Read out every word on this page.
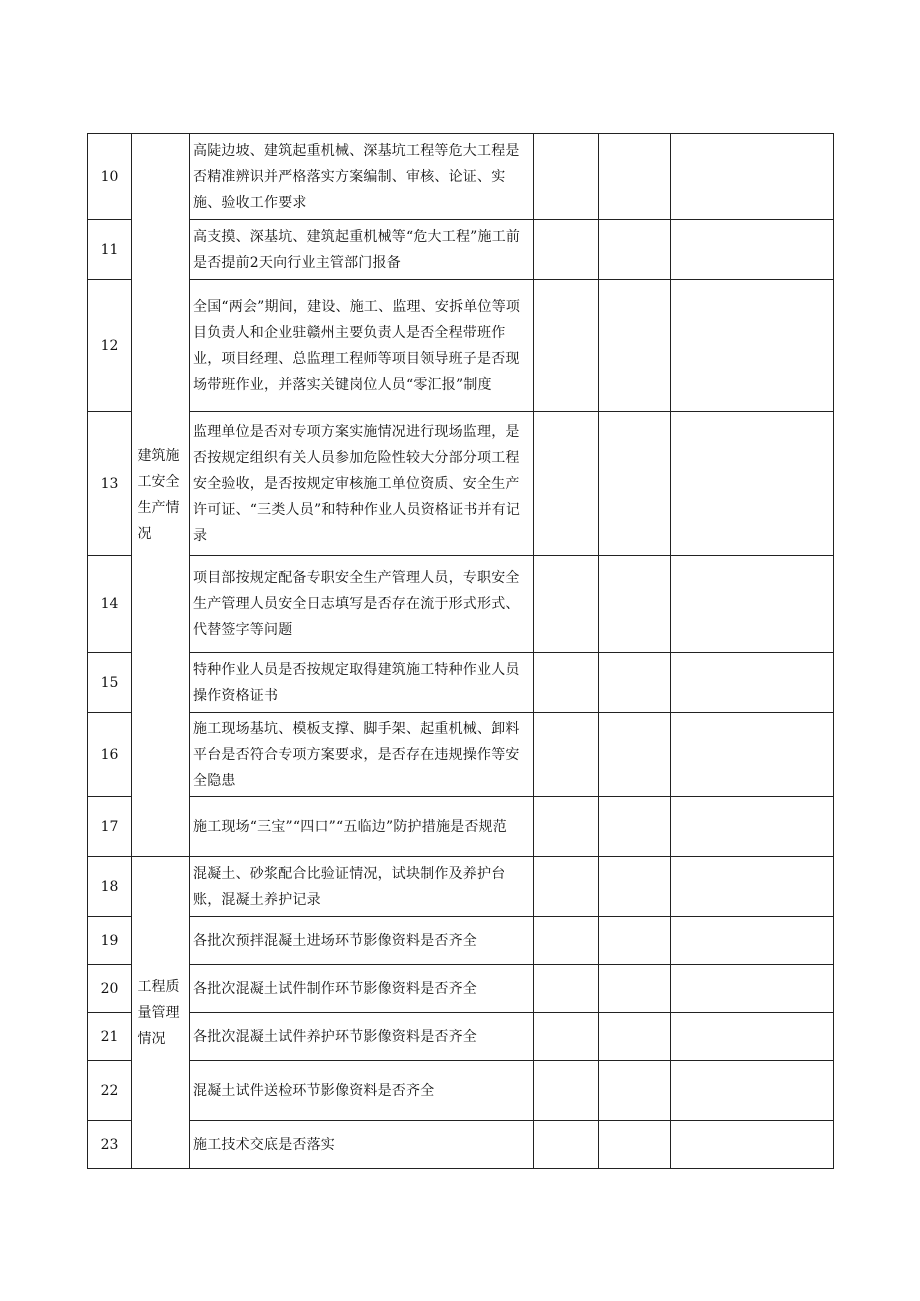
10	建筑施工安全生产情况	高陡边坡、建筑起重机械、深基坑工程等危大工程是否精准辨识并严格落实方案编制、审核、论证、实施、验收工作要求			
11		高支摸、深基坑、建筑起重机械等“危大工程”施工前是否提前2天向行业主管部门报备			
12		全国“两会”期间，建设、施工、监理、安拆单位等项目负责人和企业驻赣州主要负责人是否全程带班作业，项目经理、总监理工程师等项目领导班子是否现场带班作业，并落实关键岗位人员“零汇报”制度			
13		监理单位是否对专项方案实施情况进行现场监理，是否按规定组织有关人员参加危险性较大分部分项工程安全验收，是否按规定审核施工单位资质、安全生产许可证、“三类人员”和特种作业人员资格证书并有记录			
14		项目部按规定配备专职安全生产管理人员，专职安全生产管理人员安全日志填写是否存在流于形式形式、代替签字等问题			
15		特种作业人员是否按规定取得建筑施工特种作业人员操作资格证书			
16		施工现场基坑、模板支撑、脚手架、起重机械、卸料平台是否符合专项方案要求，是否存在违规操作等安全隐患			
17		施工现场“三宝”“四口”“五临边”防护措施是否规范			
18	工程质量管理情况	混凝土、砂浆配合比验证情况，试块制作及养护台账，混凝土养护记录			
19		各批次预拌混凝土进场环节影像资料是否齐全			
20		各批次混凝土试件制作环节影像资料是否齐全			
21		各批次混凝土试件养护环节影像资料是否齐全			
22		混凝土试件送检环节影像资料是否齐全			
23		施工技术交底是否落实			
